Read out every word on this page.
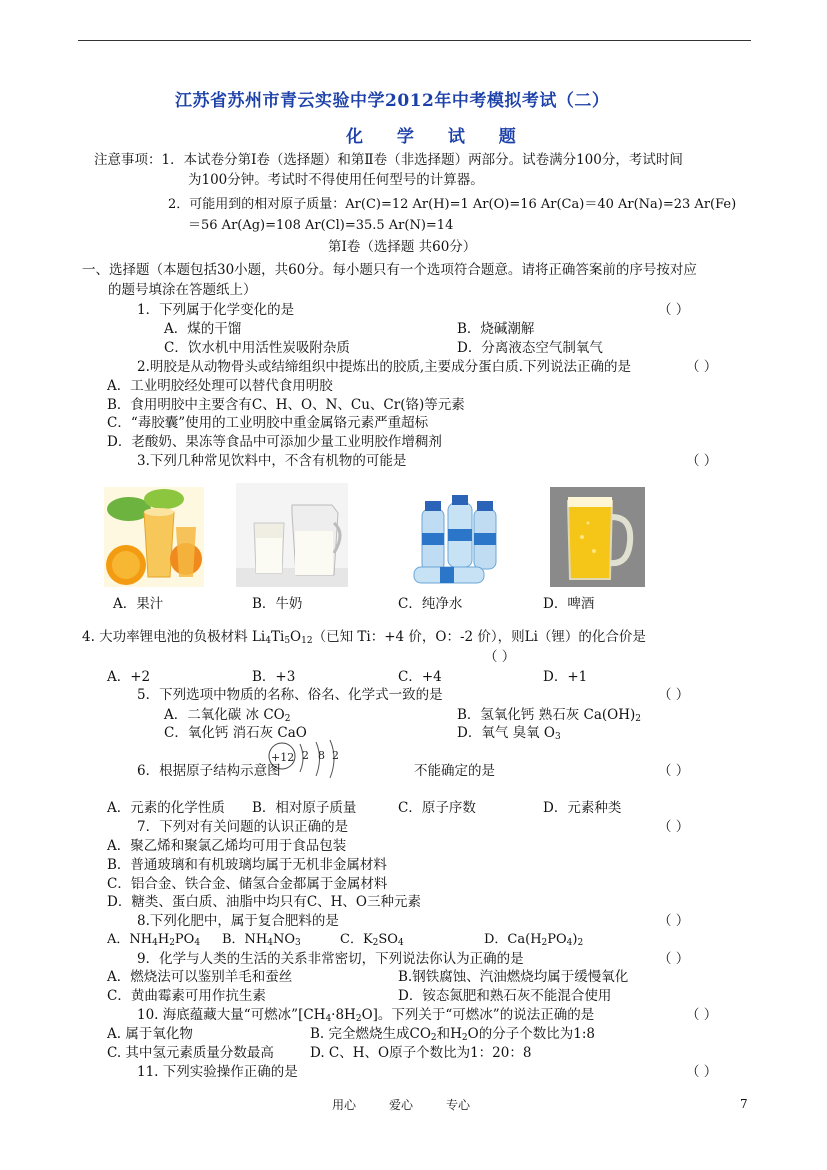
江苏省苏州市青云实验中学2012年中考模拟考试（二）
化 学 试 题
注意事项：1．本试卷分第Ⅰ卷（选择题）和第Ⅱ卷（非选择题）两部分。试卷满分100分，考试时间
为100分钟。考试时不得使用任何型号的计算器。
2．可能用到的相对原子质量：Ar(C)=12 Ar(H)=1 Ar(O)=16 Ar(Ca)＝40 Ar(Na)=23 Ar(Fe)
＝56 Ar(Ag)=108 Ar(Cl)=35.5 Ar(N)=14
第Ⅰ卷（选择题 共60分）
一、选择题（本题包括30小题，共60分。每小题只有一个选项符合题意。请将正确答案前的序号按对应
的题号填涂在答题纸上）
1．下列属于化学变化的是	（ ）
A．煤的干馏	B．烧碱潮解
C．饮水机中用活性炭吸附杂质	D．分离液态空气制氧气
2.明胶是从动物骨头或结缔组织中提炼出的胶质,主要成分蛋白质.下列说法正确的是	（ ）
A．工业明胶经处理可以替代食用明胶
B．食用明胶中主要含有C、H、O、N、Cu、Cr(铬)等元素
C．“毒胶囊”使用的工业明胶中重金属铬元素严重超标
D．老酸奶、果冻等食品中可添加少量工业明胶作增稠剂
3.下列几种常见饮料中，不含有机物的可能是	（ ）
A．果汁	B．牛奶	C．纯净水	D．啤酒
4. 大功率锂电池的负极材料 $Li_4Ti_5O_{12}$（已知 Ti：+4 价，O：-2 价），则Li（锂）的化合价是
（ ）
A．+2	B．+3	C．+4	D．+1
5．下列选项中物质的名称、俗名、化学式一致的是	（ ）
A．二氧化碳 冰 $CO_2$	B．氢氧化钙 熟石灰 $Ca(OH)_2$
C．氧化钙 消石灰 CaO	D．氧气 臭氧 $O_3$
+12 2 8 2
6．根据原子结构示意图	不能确定的是	（ ）
A．元素的化学性质 B．相对原子质量	C．原子序数	D．元素种类
7．下列对有关问题的认识正确的是	（ ）
A．聚乙烯和聚氯乙烯均可用于食品包装
B．普通玻璃和有机玻璃均属于无机非金属材料
C．铝合金、铁合金、储氢合金都属于金属材料
D．糖类、蛋白质、油脂中均只有C、H、O三种元素
8.下列化肥中，属于复合肥料的是	（ ）
A．$NH_4H_2PO_4$ B．$NH_4NO_3$	C．$K_2SO_4$	D．$Ca(H_2PO_4)_2$
9．化学与人类的生活的关系非常密切，下列说法你认为正确的是	（ ）
A．燃烧法可以鉴别羊毛和蚕丝	B.钢铁腐蚀、汽油燃烧均属于缓慢氧化
C．黄曲霉素可用作抗生素	D．铵态氮肥和熟石灰不能混合使用
10. 海底蕴藏大量“可燃冰$”[CH_4\cdot 8H_2O]$。下列关于“可燃冰”的说法正确的是	（ ）
A. 属于氧化物	B. 完全燃烧生成$CO_2$和$H_2O$的分子个数比为1:8
C. 其中氢元素质量分数最高	D. C、H、O原子个数比为1：20：8
11. 下列实验操作正确的是	（ ）
用心	爱心	专心	7
